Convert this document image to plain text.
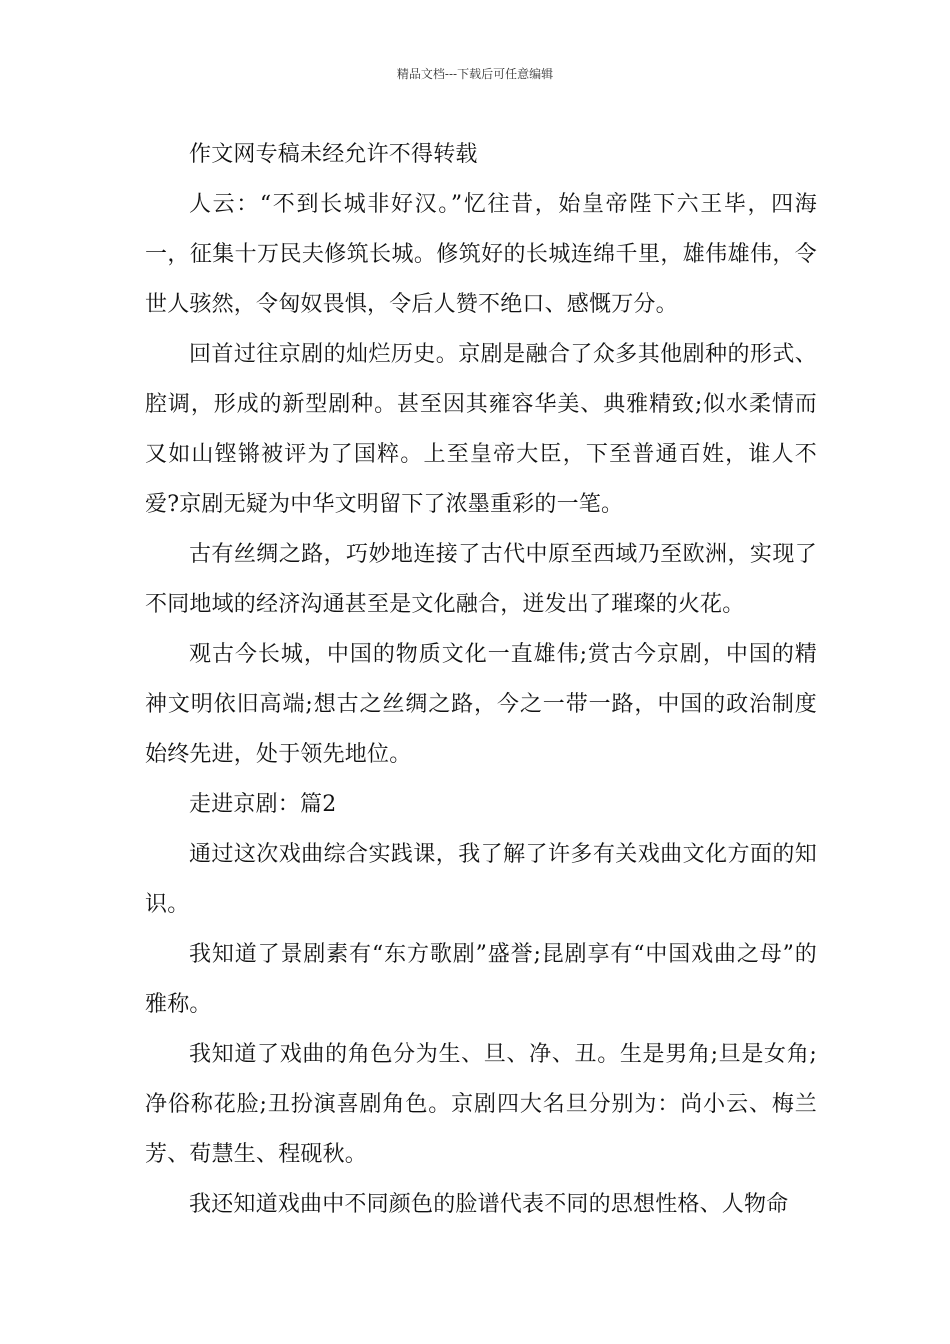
精品文档---下载后可任意编辑

作文网专稿未经允许不得转载

人云：“不到长城非好汉。”忆往昔，始皇帝陛下六王毕，四海一，征集十万民夫修筑长城。修筑好的长城连绵千里，雄伟雄伟，令世人骇然，令匈奴畏惧，令后人赞不绝口、感慨万分。

回首过往京剧的灿烂历史。京剧是融合了众多其他剧种的形式、腔调，形成的新型剧种。甚至因其雍容华美、典雅精致;似水柔情而又如山铿锵被评为了国粹。上至皇帝大臣，下至普通百姓，谁人不爱?京剧无疑为中华文明留下了浓墨重彩的一笔。

古有丝绸之路，巧妙地连接了古代中原至西域乃至欧洲，实现了不同地域的经济沟通甚至是文化融合，迸发出了璀璨的火花。

观古今长城，中国的物质文化一直雄伟;赏古今京剧，中国的精神文明依旧高端;想古之丝绸之路，今之一带一路，中国的政治制度始终先进，处于领先地位。

走进京剧：篇2

通过这次戏曲综合实践课，我了解了许多有关戏曲文化方面的知识。

我知道了景剧素有“东方歌剧”盛誉;昆剧享有“中国戏曲之母”的雅称。

我知道了戏曲的角色分为生、旦、净、丑。生是男角;旦是女角;净俗称花脸;丑扮演喜剧角色。京剧四大名旦分别为：尚小云、梅兰芳、荀慧生、程砚秋。

我还知道戏曲中不同颜色的脸谱代表不同的思想性格、人物命
